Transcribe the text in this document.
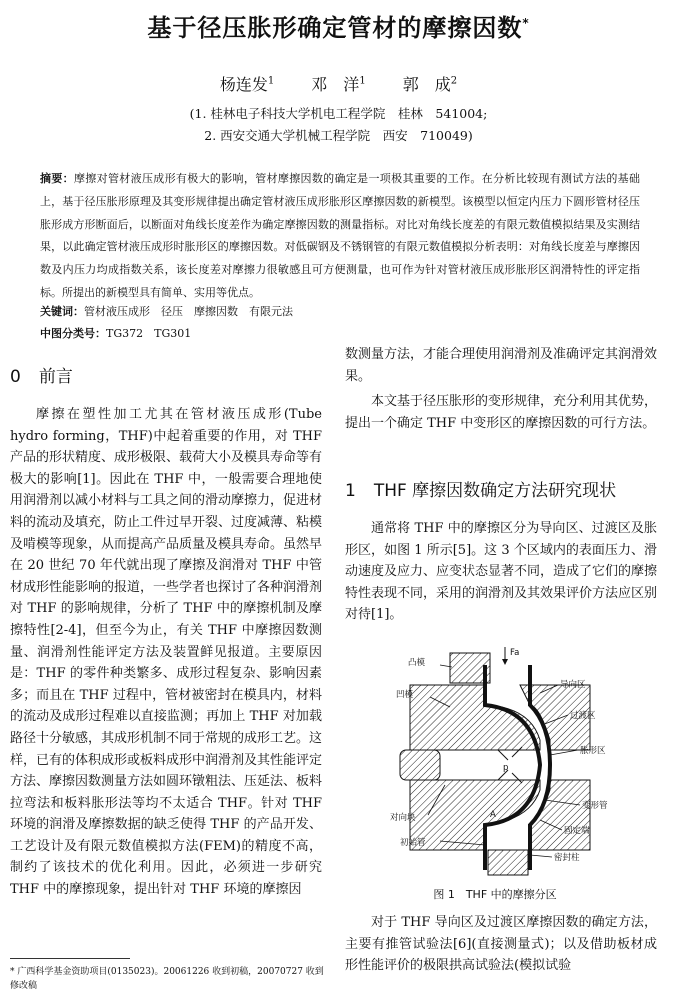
基于径压胀形确定管材的摩擦因数*
杨连发$^1$ 邓　洋$^1$ 郭　成$^2$
(1. 桂林电子科技大学机电工程学院　桂林　541004;
2. 西安交通大学机械工程学院　西安　710049)
摘要：摩擦对管材液压成形有极大的影响，管材摩擦因数的确定是一项极其重要的工作。在分析比较现有测试方法的基础上，基于径压胀形原理及其变形规律提出确定管材液压成形胀形区摩擦因数的新模型。该模型以恒定内压力下圆形管材径压胀形成方形断面后，以断面对角线长度差作为确定摩擦因数的测量指标。对比对角线长度差的有限元数值模拟结果及实测结果，以此确定管材液压成形时胀形区的摩擦因数。对低碳钢及不锈钢管的有限元数值模拟分析表明：对角线长度差与摩擦因数及内压力均成指数关系，该长度差对摩擦力很敏感且可方便测量，也可作为针对管材液压成形胀形区润滑特性的评定指标。所提出的新模型具有简单、实用等优点。
关键词：管材液压成形　径压　摩擦因数　有限元法
中图分类号：TG372　TG301
0 前言

摩擦在塑性加工尤其在管材液压成形(Tube hydro forming，THF)中起着重要的作用，对 THF 产品的形状精度、成形极限、载荷大小及模具寿命等有极大的影响[1]。因此在 THF 中，一般需要合理地使用润滑剂以减小材料与工具之间的滑动摩擦力，促进材料的流动及填充，防止工件过早开裂、过度减薄、粘模及啃模等现象，从而提高产品质量及模具寿命。虽然早在 20 世纪 70 年代就出现了摩擦及润滑对 THF 中管材成形性能影响的报道，一些学者也探讨了各种润滑剂对 THF 的影响规律，分析了 THF 中的摩擦机制及摩擦特性[2-4]，但至今为止，有关 THF 中摩擦因数测量、润滑剂性能评定方法及装置鲜见报道。主要原因是：THF 的零件种类繁多、成形过程复杂、影响因素多；而且在 THF 过程中，管材被密封在模具内，材料的流动及成形过程难以直接监测；再加上 THF 对加载路径十分敏感，其成形机制不同于常规的成形工艺。这样，已有的体积成形或板料成形中润滑剂及其性能评定方法、摩擦因数测量方法如圆环镦粗法、压延法、板料拉弯法和板料胀形法等均不太适合 THF。针对 THF 环境的润滑及摩擦数据的缺乏使得 THF 的产品开发、工艺设计及有限元数值模拟方法(FEM)的精度不高，制约了该技术的优化利用。因此，必须进一步研究 THF 中的摩擦现象，提出针对 THF 环境的摩擦因

数测量方法，才能合理使用润滑剂及准确评定其润滑效果。

本文基于径压胀形的变形规律，充分利用其优势，提出一个确定 THF 中变形区的摩擦因数的可行方法。

1 THF 摩擦因数确定方法研究现状

通常将 THF 中的摩擦区分为导向区、过渡区及胀形区，如图 1 所示[5]。这 3 个区域内的表面压力、滑动速度及应力、应变状态显著不同，造成了它们的摩擦特性表现不同，采用的润滑剂及其效果评价方法应区别对待[1]。

凸模
凹模
Fa
导向区
过渡区
胀形区
p
变形管
固定端
密封柱
对向块
初始管
A
图 1　THF 中的摩擦分区

对于 THF 导向区及过渡区摩擦因数的确定方法，主要有推管试验法[6](直接测量式)；以及借助板材成形性能评价的极限拱高试验法(模拟试验

* 广西科学基金资助项目(0135023)。20061226 收到初稿，20070727 收到修改稿
